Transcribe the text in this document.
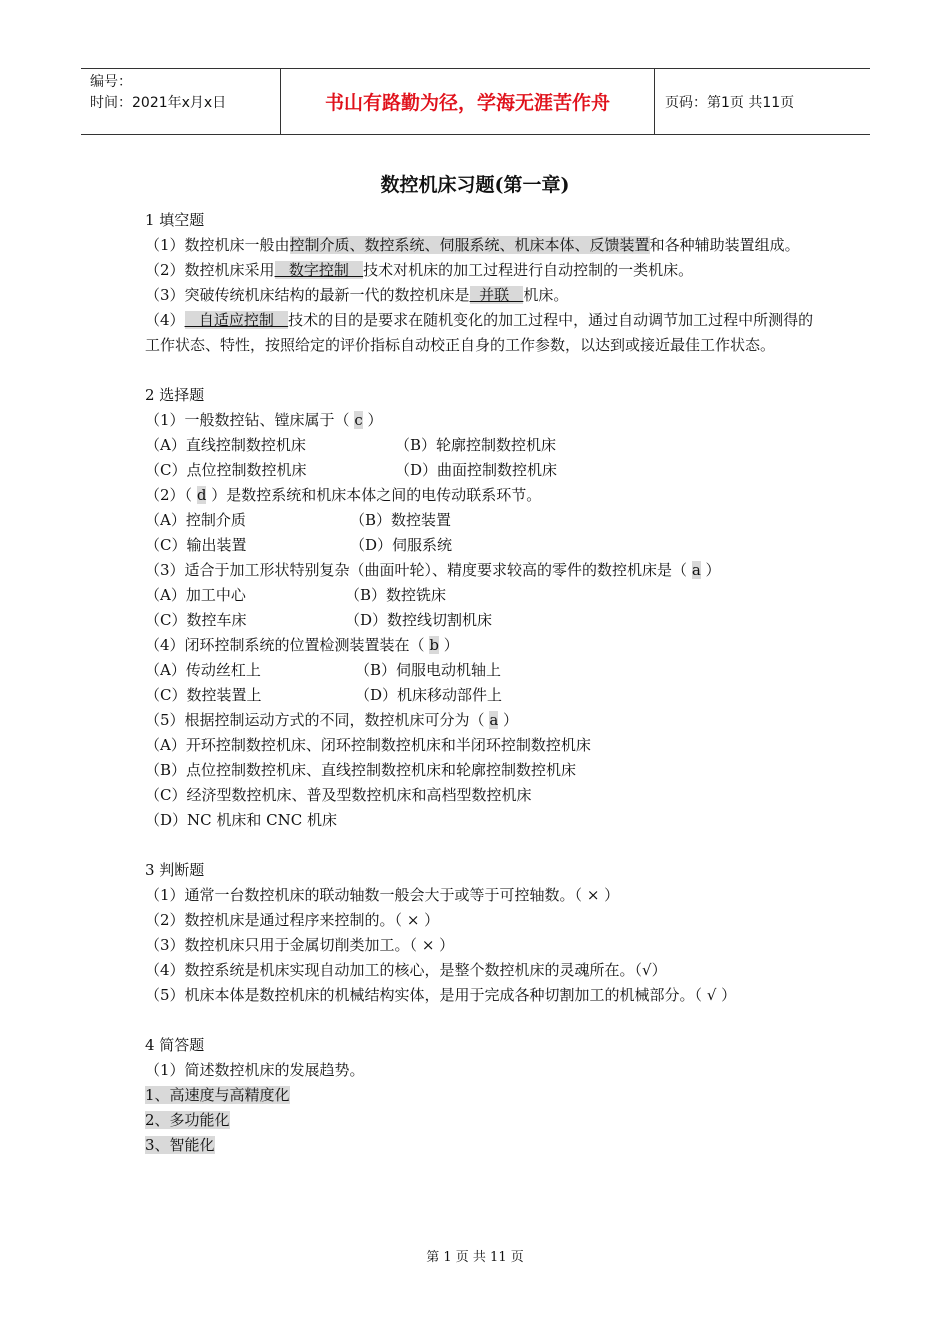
编号：
时间：2021年x月x日	书山有路勤为径，学海无涯苦作舟	页码：第1页 共11页
数控机床习题(第一章)
1 填空题
（1）数控机床一般由控制介质、数控系统、伺服系统、机床本体、反馈装置和各种辅助装置组成。
（2）数控机床采用   数字控制   技术对机床的加工过程进行自动控制的一类机床。
（3）突破传统机床结构的最新一代的数控机床是  并联   机床。
（4）   自适应控制   技术的目的是要求在随机变化的加工过程中，通过自动调节加工过程中所测得的工作状态、特性，按照给定的评价指标自动校正自身的工作参数，以达到或接近最佳工作状态。
2 选择题
（1）一般数控钻、镗床属于（ c ）
（A）直线控制数控机床	（B）轮廓控制数控机床
（C）点位控制数控机床	（D）曲面控制数控机床
（2）（ d ）是数控系统和机床本体之间的电传动联系环节。
（A）控制介质	（B）数控装置
（C）输出装置	（D）伺服系统
（3）适合于加工形状特别复杂（曲面叶轮）、精度要求较高的零件的数控机床是（ a ）
（A）加工中心	（B）数控铣床
（C）数控车床	（D）数控线切割机床
（4）闭环控制系统的位置检测装置装在（ b ）
（A）传动丝杠上	（B）伺服电动机轴上
（C）数控装置上	（D）机床移动部件上
（5）根据控制运动方式的不同，数控机床可分为（ a ）
（A）开环控制数控机床、闭环控制数控机床和半闭环控制数控机床
（B）点位控制数控机床、直线控制数控机床和轮廓控制数控机床
（C）经济型数控机床、普及型数控机床和高档型数控机床
（D）NC 机床和 CNC 机床
3 判断题
（1）通常一台数控机床的联动轴数一般会大于或等于可控轴数。（ × ）
（2）数控机床是通过程序来控制的。（ × ）
（3）数控机床只用于金属切削类加工。（ × ）
（4）数控系统是机床实现自动加工的核心，是整个数控机床的灵魂所在。（√）
（5）机床本体是数控机床的机械结构实体，是用于完成各种切割加工的机械部分。（ √ ）
4 简答题
（1）简述数控机床的发展趋势。
1、高速度与高精度化
2、多功能化
3、智能化
第 1 页 共 11 页
